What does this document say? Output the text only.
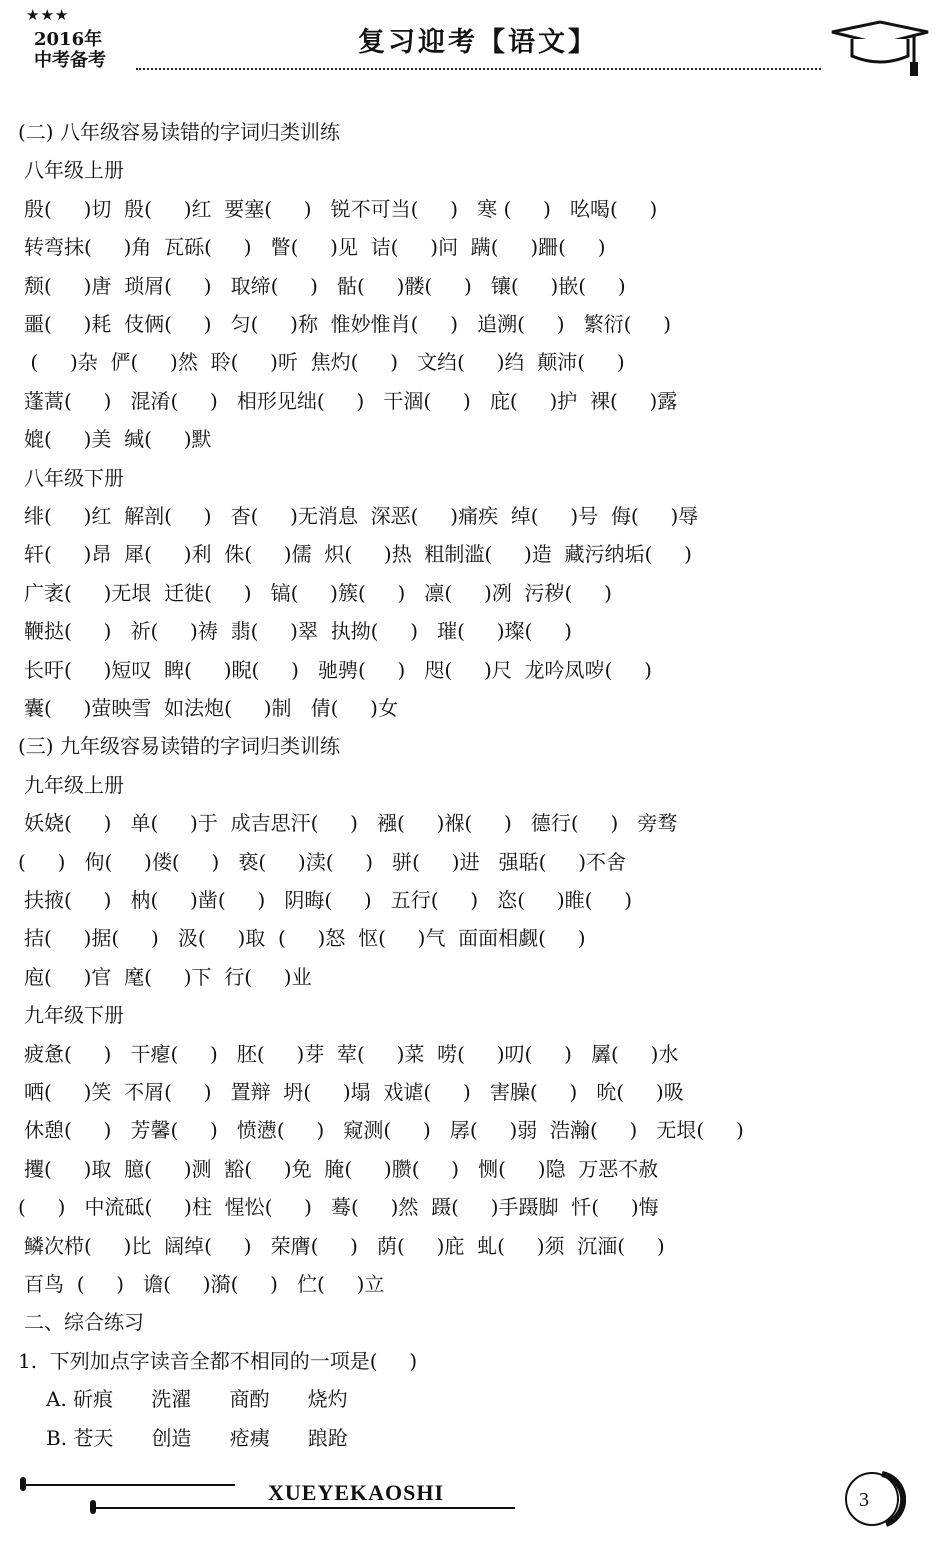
★★★
2016年
中考备考
复习迎考【语文】
(二) 八年级容易读错的字词归类训练
八年级上册
殷(     )切  殷(     )红  要塞(     )   锐不可当(     )   寒 (     )   吆喝(     )
转弯抹(     )角  瓦砾(     )   瞥(     )见  诘(     )问  蹒(     )跚(     )
颓(     )唐  琐屑(     )   取缔(     )   骷(     )髅(     )   镶(     )嵌(     )
噩(     )耗  伎俩(     )   匀(     )称  惟妙惟肖(     )   追溯(     )   繁衍(     )
(     )杂  俨(     )然  聆(     )听  焦灼(     )   文绉(     )绉  颠沛(     )
蓬蒿(     )   混淆(     )   相形见绌(     )   干涸(     )   庇(     )护  裸(     )露
媲(     )美  缄(     )默
八年级下册
绯(     )红  解剖(     )   杳(     )无消息  深恶(     )痛疾  绰(     )号  侮(     )辱
轩(     )昂  犀(     )利  侏(     )儒  炽(     )热  粗制滥(     )造  藏污纳垢(     )
广袤(     )无垠  迁徙(     )   镐(     )簇(     )   凛(     )冽  污秽(     )
鞭挞(     )   祈(     )祷  翡(     )翠  执拗(     )   璀(     )璨(     )
长吁(     )短叹  睥(     )睨(     )   驰骋(     )   咫(     )尺  龙吟凤哕(     )
囊(     )萤映雪  如法炮(     )制   倩(     )女
(三) 九年级容易读错的字词归类训练
九年级上册
妖娆(     )   单(     )于  成吉思汗(     )   襁(     )褓(     )   德行(     )   旁骛
(     )   佝(     )偻(     )   亵(     )渎(     )   骈(     )进   强聒(     )不舍
扶掖(     )   枘(     )凿(     )   阴晦(     )   五行(     )   恣(     )睢(     )
拮(     )据(     )   汲(     )取  (     )怒  怄(     )气  面面相觑(     )
庖(     )官  麾(     )下  行(     )业
九年级下册
疲惫(     )   干瘪(     )   胚(     )芽  荤(     )菜  唠(     )叨(     )   羼(     )水
哂(     )笑  不屑(     )   置辩  坍(     )塌  戏谑(     )   害臊(     )   吮(     )吸
休憩(     )   芳馨(     )   愤懑(     )   窥测(     )   孱(     )弱  浩瀚(     )   无垠(     )
攫(     )取  臆(     )测  豁(     )免  腌(     )臜(     )   恻(     )隐  万恶不赦
(     )   中流砥(     )柱  惺忪(     )   蓦(     )然  蹑(     )手蹑脚  忏(     )悔
鳞次栉(     )比  阔绰(     )   荣膺(     )   荫(     )庇  虬(     )须  沉湎(     )
百鸟  (     )   谵(     )漪(     )   伫(     )立
二、综合练习
1.  下列加点字读音全都不相同的一项是(     )
A. 斫痕      洗濯      商酌      烧灼
B. 苍天      创造      疮痍      踉跄
XUEYEKAOSHI	3
